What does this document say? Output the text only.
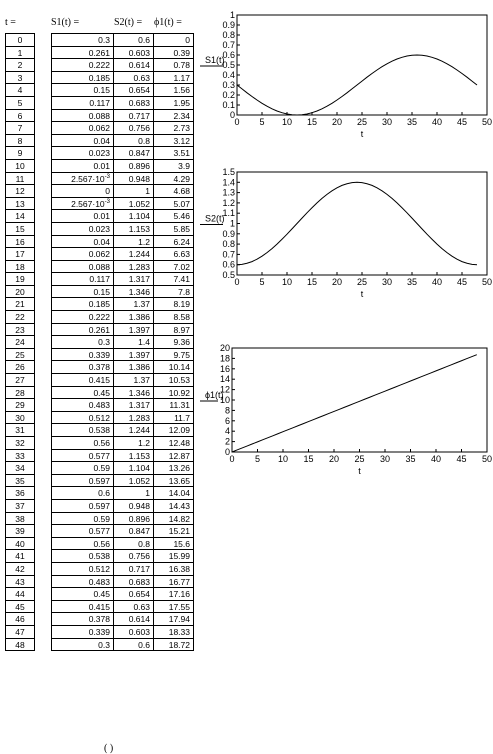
t =	S1(t) =	S2(t) = ϕ1(t) =
0
1
2
3
4
5
6
7
8
9
10
11
12
13
14
15
16
17
18
19
20
21
22
23
24
25
26
27
28
29
30
31
32
33
34
35
36
37
38
39
40
41
42
43
44
45
46
47
48
0.3
0.261
0.222
0.185
0.15
0.117
0.088
0.062
0.04
0.023
0.01
$2.567\cdot 10^{-3}$
0
$2.567\cdot 10^{-3}$
0.01
0.023
0.04
0.062
0.088
0.117
0.15
0.185
0.222
0.261
0.3
0.339
0.378
0.415
0.45
0.483
0.512
0.538
0.56
0.577
0.59
0.597
0.6
0.597
0.59
0.577
0.56
0.538
0.512
0.483
0.45
0.415
0.378
0.339
0.3
0.6
0.603
0.614
0.63
0.654
0.683
0.717
0.756
0.8
0.847
0.896
0.948
1
1.052
1.104
1.153
1.2
1.244
1.283
1.317
1.346
1.37
1.386
1.397
1.4
1.397
1.386
1.37
1.346
1.317
1.283
1.244
1.2
1.153
1.104
1.052
1
0.948
0.896
0.847
0.8
0.756
0.717
0.683
0.654
0.63
0.614
0.603
0.6
0
0.39
0.78
1.17
1.56
1.95
2.34
2.73
3.12
3.51
3.9
4.29
4.68
5.07
5.46
5.85
6.24
6.63
7.02
7.41
7.8
8.19
8.58
8.97
9.36
9.75
10.14
10.53
10.92
11.31
11.7
12.09
12.48
12.87
13.26
13.65
14.04
14.43
14.82
15.21
15.6
15.99
16.38
16.77
17.16
17.55
17.94
18.33
18.72
0 5 10 15 20 25 30 35 40 45 50
0
0.1
0.2
0.3
0.4
0.5
0.6
0.7
0.8
0.9
1
t
S1(t)
0 5 10 15 20 25 30 35 40 45 50
0.5
0.6
0.7
0.8
0.9
1
1.1
1.2
1.3
1.4
1.5
t
S2(t)
0 5 10 15 20 25 30 35 40 45 50
0
2
4
6
8
10
12
14
16
18
20
t
ϕ1(t)
( )
